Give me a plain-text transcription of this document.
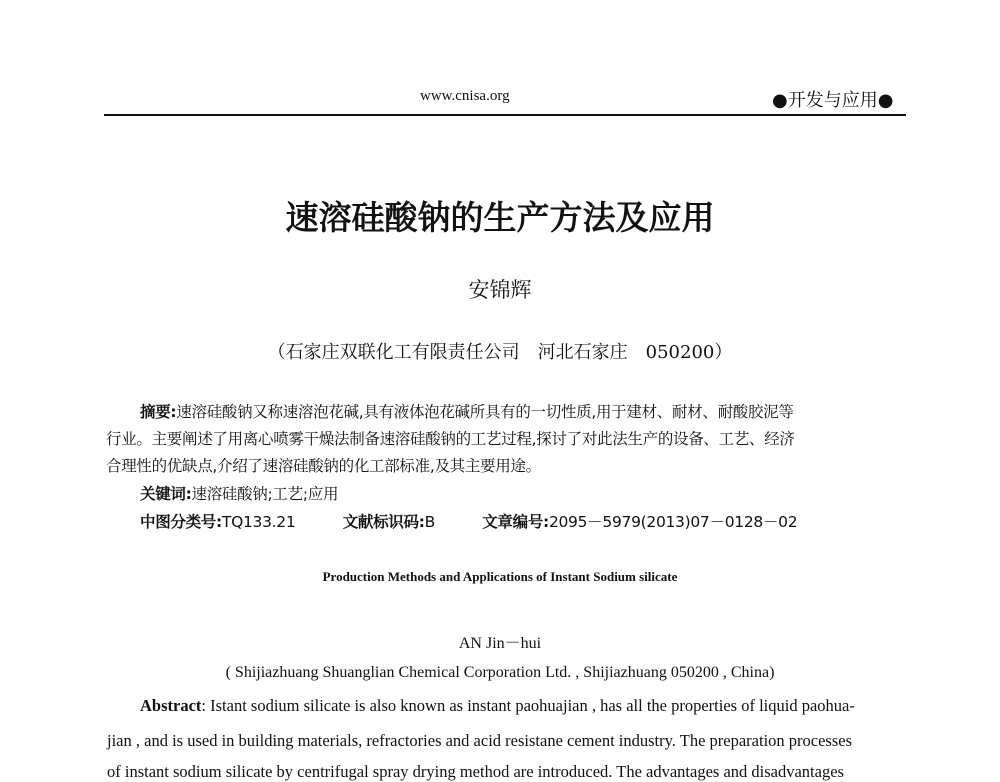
www.cnisa.org	●开发与应用●
速溶硅酸钠的生产方法及应用
安锦辉
（石家庄双联化工有限责任公司　河北石家庄　050200）
摘要:速溶硅酸钠又称速溶泡花碱,具有液体泡花碱所具有的一切性质,用于建材、耐材、耐酸胶泥等
行业。主要阐述了用离心喷雾干燥法制备速溶硅酸钠的工艺过程,探讨了对此法生产的设备、工艺、经济
合理性的优缺点,介绍了速溶硅酸钠的化工部标准,及其主要用途。
关键词:速溶硅酸钠;工艺;应用
中图分类号:TQ133.21	文献标识码:B	文章编号:2095－5979(2013)07－0128－02
Production Methods and Applications of Instant Sodium silicate
AN Jin－hui
( Shijiazhuang Shuanglian Chemical Corporation Ltd. , Shijiazhuang 050200 , China)
Abstract: Istant sodium silicate is also known as instant paohuajian , has all the properties of liquid paohua-
jian , and is used in building materials, refractories and acid resistane cement industry. The preparation processes
of instant sodium silicate by centrifugal spray drying method are introduced. The advantages and disadvantages
